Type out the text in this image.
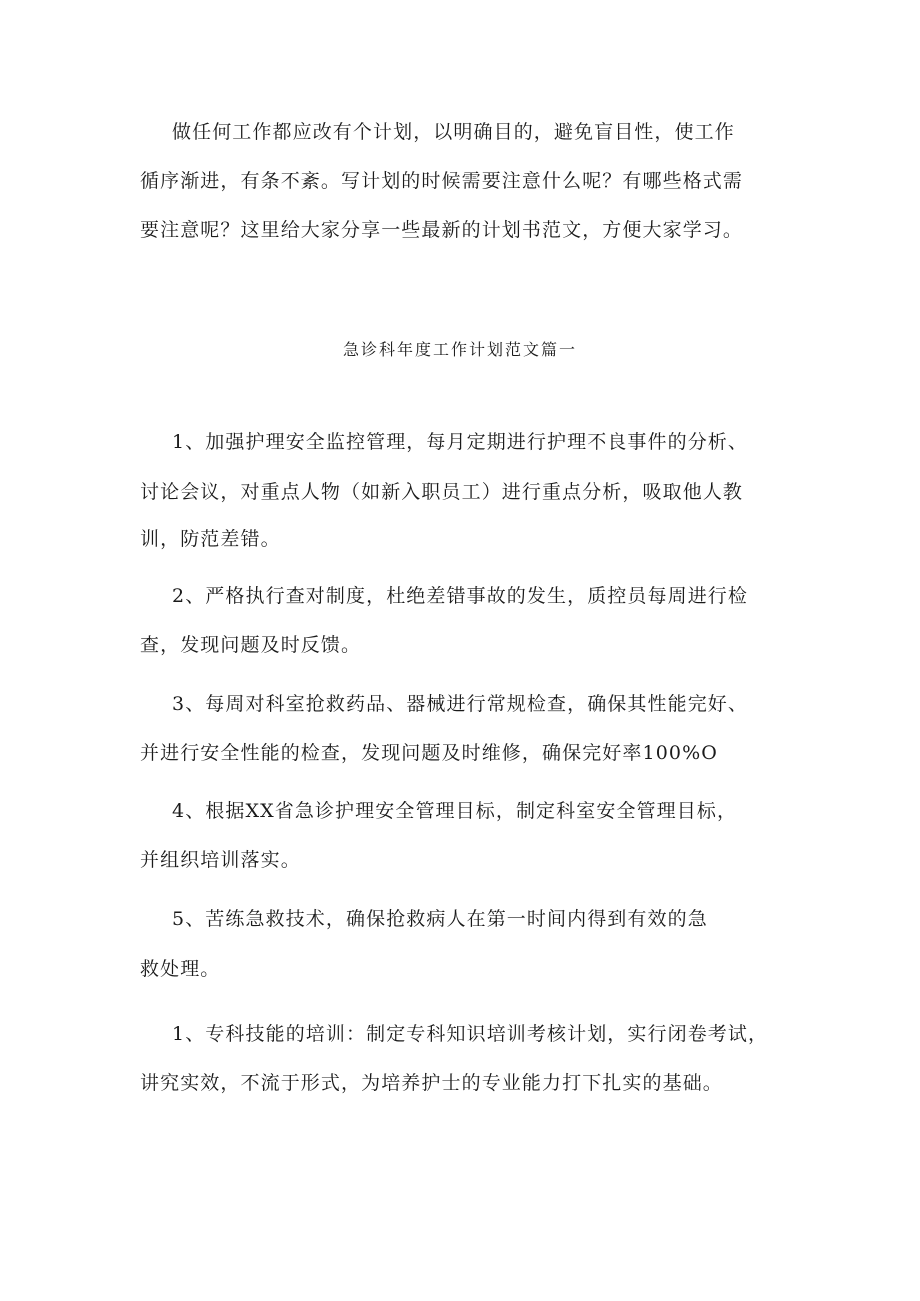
做任何工作都应改有个计划，以明确目的，避免盲目性，使工作
循序渐进，有条不紊。写计划的时候需要注意什么呢？有哪些格式需
要注意呢？这里给大家分享一些最新的计划书范文，方便大家学习。
急诊科年度工作计划范文篇一
1、加强护理安全监控管理，每月定期进行护理不良事件的分析、
讨论会议，对重点人物（如新入职员工）进行重点分析，吸取他人教
训，防范差错。
2、严格执行查对制度，杜绝差错事故的发生，质控员每周进行检
查，发现问题及时反馈。
3、每周对科室抢救药品、器械进行常规检查，确保其性能完好、
并进行安全性能的检查，发现问题及时维修，确保完好率100%O
4、根据XX省急诊护理安全管理目标，制定科室安全管理目标，
并组织培训落实。
5、苦练急救技术，确保抢救病人在第一时间内得到有效的急
救处理。
1、专科技能的培训：制定专科知识培训考核计划，实行闭卷考试，
讲究实效，不流于形式，为培养护士的专业能力打下扎实的基础。
